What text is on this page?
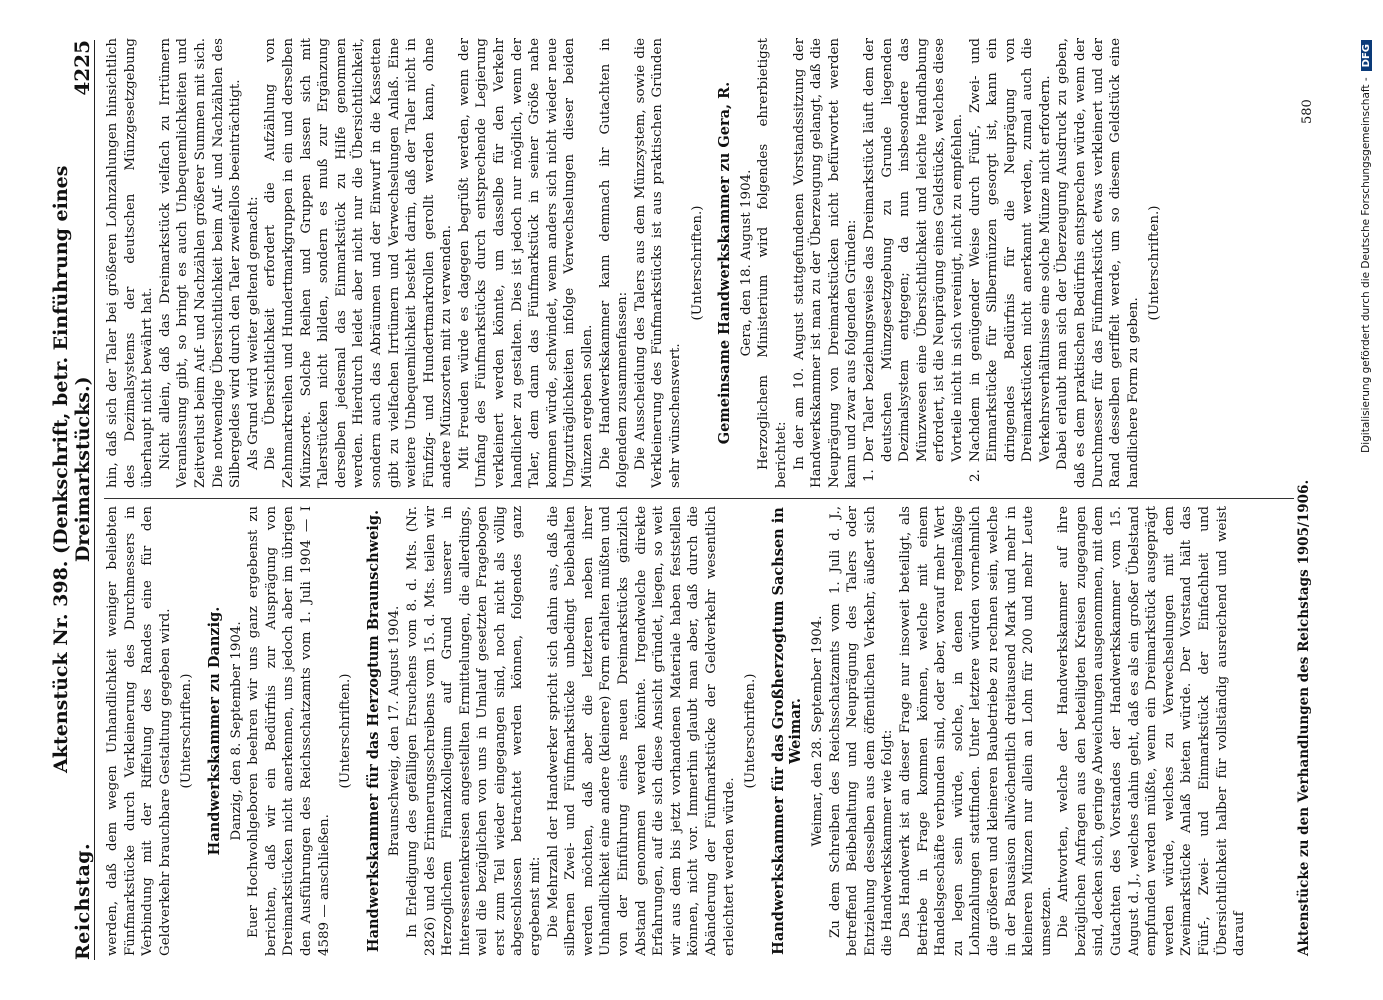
Reichstag.
Aktenstück Nr. 398. (Denkschrift, betr. Einführung eines Dreimarkstücks.)
4225

werden, daß dem wegen Unhandlichkeit weniger beliebten Fünfmarkstücke durch Verkleinerung des Durchmessers in Verbindung mit der Riffelung des Randes eine für den Geldverkehr brauchbare Gestaltung gegeben wird. (Unterschriften.) Handwerkskammer zu Danzig. Danzig, den 8. September 1904. Euer Hochwohlgeboren beehren wir uns ganz ergebenst zu berichten, daß wir ein Bedürfnis zur Ausprägung von Dreimarkstücken nicht anerkennen, uns jedoch aber im übrigen den Ausführungen des Reichsschatzamts vom 1. Juli 1904 — I 4589 — anschließen.

(Unterschriften.) Handwerkskammer für das Herzogtum Braunschweig. Braunschweig, den 17. August 1904. In Erledigung des gefälligen Ersuchens vom 8. d. Mts. (Nr. 2826) und des Erinnerungsschreibens vom 15. d. Mts. teilen wir Herzoglichem Finanzkollegium auf Grund unserer in Interessentenkreisen angestellten Ermittelungen, die allerdings, weil die bezüglichen von uns in Umlauf gesetzten Fragebogen erst zum Teil wieder eingegangen sind, noch nicht als völlig abgeschlossen betrachtet werden können, folgendes ganz ergebenst mit: Die Mehrzahl der Handwerker spricht sich dahin aus, daß die silbernen Zwei- und Fünfmarkstücke unbedingt beibehalten werden möchten, daß aber die letzteren neben ihrer Unhandlichkeit eine andere (kleinere) Form erhalten müßten und von der Einführung eines neuen Dreimarkstücks gänzlich Abstand genommen werden könnte. Irgendwelche direkte Erfahrungen, auf die sich diese Ansicht gründet, liegen, so weit wir aus dem bis jetzt vorhandenen Materiale haben feststellen können, nicht vor. Immerhin glaubt man aber, daß durch die Abänderung der Fünfmarkstücke der Geldverkehr wesentlich erleichtert werden würde.

(Unterschriften.) Handwerkskammer für das Großherzogtum Sachsen in Weimar. Weimar, den 28. September 1904. Zu dem Schreiben des Reichsschatzamts vom 1. Juli d. J., betreffend Beibehaltung und Neuprägung des Talers oder Entziehung desselben aus dem öffentlichen Verkehr, äußert sich die Handwerkskammer wie folgt: Das Handwerk ist an dieser Frage nur insoweit beteiligt, als Betriebe in Frage kommen können, welche mit einem Handelsgeschäfte verbunden sind, oder aber, worauf mehr Wert zu legen sein würde, solche, in denen regelmäßige Lohnzahlungen stattfinden. Unter letztere würden vornehmlich die größeren und kleineren Baubetriebe zu rechnen sein, welche in der Bausaison allwöchentlich dreitausend Mark und mehr in kleineren Münzen nur allein an Lohn für 200 und mehr Leute umsetzen. Die Antworten, welche der Handwerkskammer auf ihre bezüglichen Anfragen aus den beteiligten Kreisen zugegangen sind, decken sich, geringe Abweichungen ausgenommen, mit dem Gutachten des Vorstandes der Handwerkskammer vom 15. August d. J., welches dahin geht, daß es als ein großer Übelstand empfunden werden müßte, wenn ein Dreimarkstück ausgeprägt werden würde, welches zu Verwechselungen mit dem Zweimarkstücke Anlaß bieten würde. Der Vorstand hält das Fünf-, Zwei- und Einmarkstück der Einfachheit und Übersichtlichkeit halber für vollständig ausreichend und weist darauf

hin, daß sich der Taler bei größeren Lohnzahlungen hinsichtlich des Dezimalsystems der deutschen Münzgesetzgebung überhaupt nicht bewährt hat. Nicht allein, daß das Dreimarkstück vielfach zu Irrtümern Veranlassung gibt, so bringt es auch Unbequemlichkeiten und Zeitverlust beim Auf- und Nachzählen größerer Summen mit sich. Die notwendige Übersichtlichkeit beim Auf- und Nachzählen des Silbergeldes wird durch den Taler zweifellos beeinträchtigt. Als Grund wird weiter geltend gemacht: Die Übersichtlichkeit erfordert die Aufzählung von Zehnmarkreihen und Hundertmarkgruppen in ein und derselben Münzsorte. Solche Reihen und Gruppen lassen sich mit Talerstücken nicht bilden, sondern es muß zur Ergänzung derselben jedesmal das Einmarkstück zu Hilfe genommen werden. Hierdurch leidet aber nicht nur die Übersichtlichkeit, sondern auch das Abräumen und der Einwurf in die Kassetten gibt zu vielfachen Irrtümern und Verwechselungen Anlaß. Eine weitere Unbequemlichkeit besteht darin, daß der Taler nicht in Fünfzig- und Hundertmarkrollen gerollt werden kann, ohne andere Münzsorten mit zu verwenden. Mit Freuden würde es dagegen begrüßt werden, wenn der Umfang des Fünfmarkstücks durch entsprechende Legierung verkleinert werden könnte, um dasselbe für den Verkehr handlicher zu gestalten. Dies ist jedoch nur möglich, wenn der Taler, dem dann das Fünfmarkstück in seiner Größe nahe kommen würde, schwindet, wenn anders sich nicht wieder neue Ungzuträglichkeiten infolge Verwechselungen dieser beiden Münzen ergeben sollen. Die Handwerkskammer kann demnach ihr Gutachten in folgendem zusammenfassen: Die Ausscheidung des Talers aus dem Münzsystem, sowie die Verkleinerung des Fünfmarkstücks ist aus praktischen Gründen sehr wünschenswert.

(Unterschriften.) Gemeinsame Handwerkskammer zu Gera, R. Gera, den 18. August 1904. Herzoglichem Ministerium wird folgendes ehrerbietigst berichtet: In der am 10. August stattgefundenen Vorstandssitzung der Handwerkskammer ist man zu der Überzeugung gelangt, daß die Neuprägung von Dreimarkstücken nicht befürwortet werden kann und zwar aus folgenden Gründen: 1.
Der Taler beziehungsweise das Dreimarkstück läuft dem der deutschen Münzgesetzgebung zu Grunde liegenden Dezimalsystem entgegen; da nun insbesondere das Münzwesen eine Übersichtlichkeit und leichte Handhabung erfordert, ist die Neuprägung eines Geldstücks, welches diese Vorteile nicht in sich vereinigt, nicht zu empfehlen.

2.
Nachdem in genügender Weise durch Fünf-, Zwei- und Einmarkstücke für Silbermünzen gesorgt ist, kann ein dringendes Bedürfnis für die Neuprägung von Dreimarkstücken nicht anerkannt werden, zumal auch die Verkehrsverhältnisse eine solche Münze nicht erfordern. Dabei erlaubt man sich der Überzeugung Ausdruck zu geben, daß es dem praktischen Bedürfnis entsprechen würde, wenn der Durchmesser für das Fünfmarkstück etwas verkleinert und der Rand desselben geriffelt werde, um so diesem Geldstück eine handlichere Form zu geben.

(Unterschriften.)

Aktenstücke zu den Verhandlungen des Reichstags 1905/1906.
580	Digitalisierung gefördert durch die Deutsche Forschungsgemeinschaft -DFG
